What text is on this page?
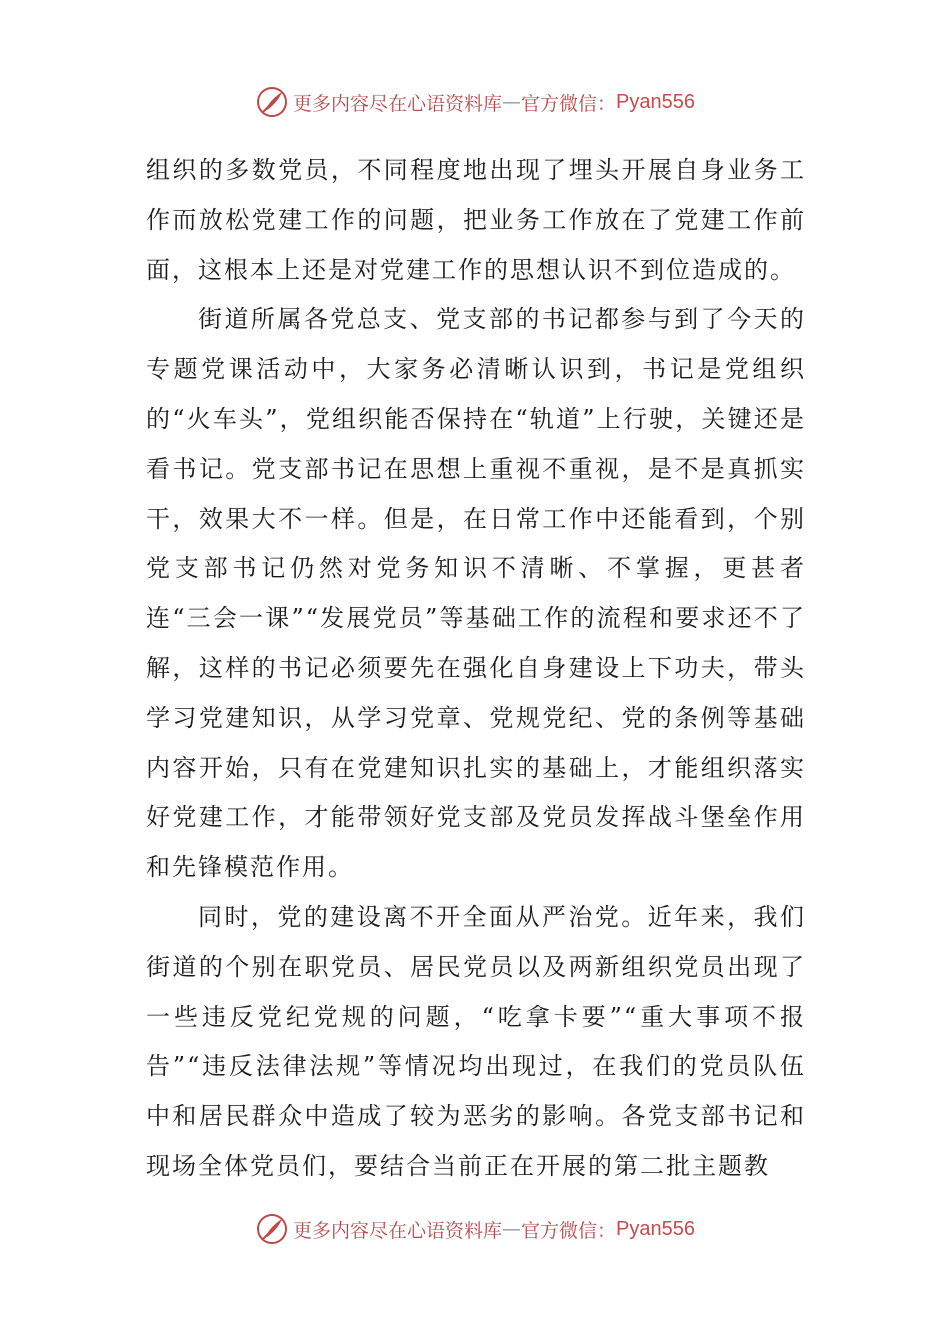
更多内容尽在心语资料库 — 官方微信： Pyan556

组织的多数党员，不同程度地出现了埋头开展自身业务工作而放松党建工作的问题，把业务工作放在了党建工作前面，这根本上还是对党建工作的思想认识不到位造成的。

街道所属各党总支、党支部的书记都参与到了今天的专题党课活动中，大家务必清晰认识到，书记是党组织的“火车头”，党组织能否保持在“轨道”上行驶，关键还是看书记。党支部书记在思想上重视不重视，是不是真抓实干，效果大不一样。但是，在日常工作中还能看到，个别党支部书记仍然对党务知识不清晰、不掌握，更甚者连“三会一课”“发展党员”等基础工作的流程和要求还不了解，这样的书记必须要先在强化自身建设上下功夫，带头学习党建知识，从学习党章、党规党纪、党的条例等基础内容开始，只有在党建知识扎实的基础上，才能组织落实好党建工作，才能带领好党支部及党员发挥战斗堡垒作用和先锋模范作用。

同时，党的建设离不开全面从严治党。近年来，我们街道的个别在职党员、居民党员以及两新组织党员出现了一些违反党纪党规的问题，“吃拿卡要”“重大事项不报告”“违反法律法规”等情况均出现过，在我们的党员队伍中和居民群众中造成了较为恶劣的影响。各党支部书记和现场全体党员们，要结合当前正在开展的第二批主题教

更多内容尽在心语资料库 — 官方微信： Pyan556
